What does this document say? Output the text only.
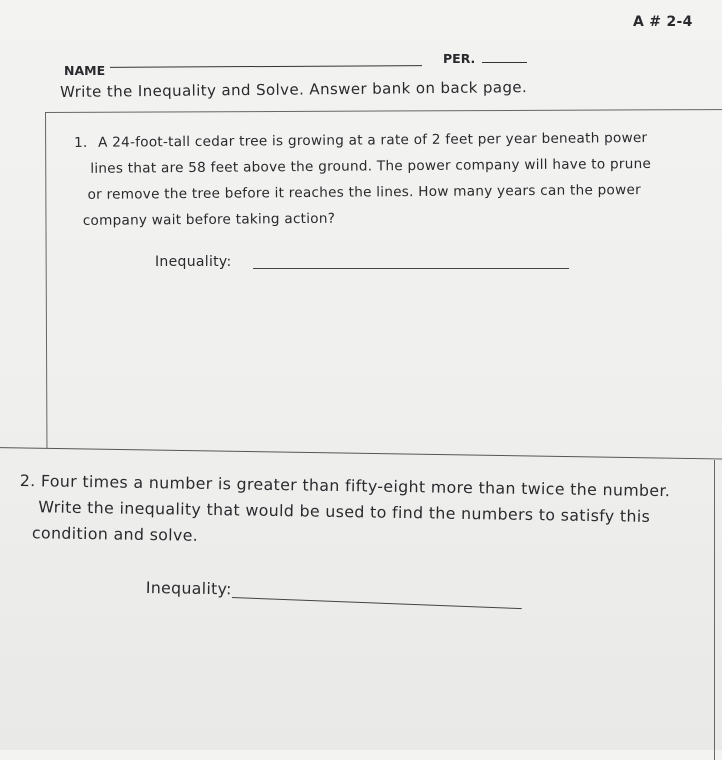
A # 2-4
NAME
PER.
Write the Inequality and Solve. Answer bank on back page.
1. A 24-foot-tall cedar tree is growing at a rate of 2 feet per year beneath power
lines that are 58 feet above the ground. The power company will have to prune
or remove the tree before it reaches the lines. How many years can the power
company wait before taking action?
Inequality:
2. Four times a number is greater than fifty-eight more than twice the number.
Write the inequality that would be used to find the numbers to satisfy this
condition and solve.
Inequality:
